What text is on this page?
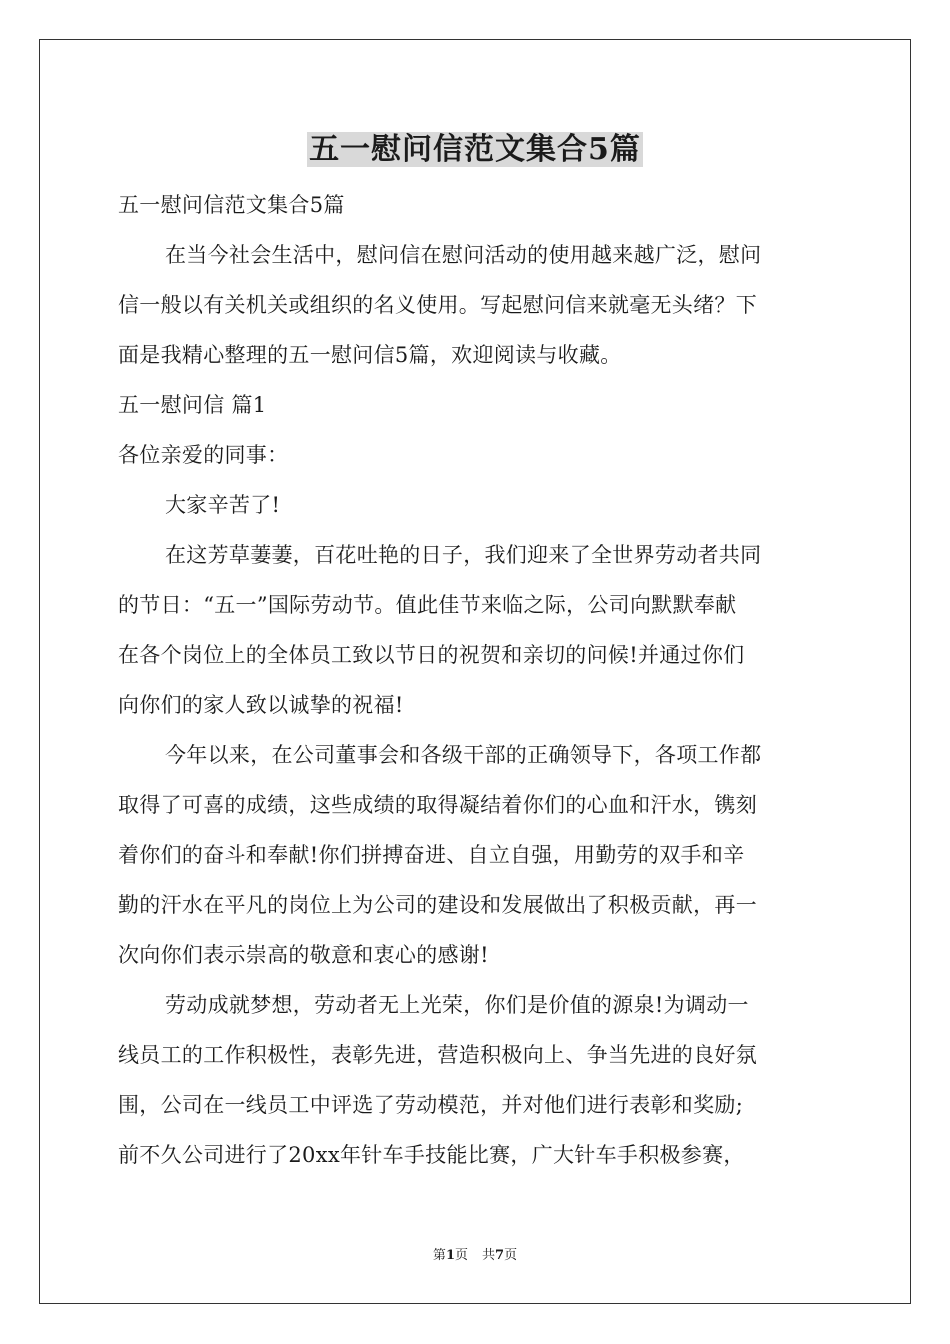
五一慰问信范文集合5篇
五一慰问信范文集合5篇
在当今社会生活中，慰问信在慰问活动的使用越来越广泛，慰问
信一般以有关机关或组织的名义使用。写起慰问信来就毫无头绪？下
面是我精心整理的五一慰问信5篇，欢迎阅读与收藏。
五一慰问信 篇1
各位亲爱的同事：
大家辛苦了!
在这芳草萋萋，百花吐艳的日子，我们迎来了全世界劳动者共同
的节日：“五一”国际劳动节。值此佳节来临之际，公司向默默奉献
在各个岗位上的全体员工致以节日的祝贺和亲切的问候!并通过你们
向你们的家人致以诚挚的祝福!
今年以来，在公司董事会和各级干部的正确领导下，各项工作都
取得了可喜的成绩，这些成绩的取得凝结着你们的心血和汗水，镌刻
着你们的奋斗和奉献!你们拼搏奋进、自立自强，用勤劳的双手和辛
勤的汗水在平凡的岗位上为公司的建设和发展做出了积极贡献，再一
次向你们表示崇高的敬意和衷心的感谢!
劳动成就梦想，劳动者无上光荣，你们是价值的源泉!为调动一
线员工的工作积极性，表彰先进，营造积极向上、争当先进的良好氛
围，公司在一线员工中评选了劳动模范，并对他们进行表彰和奖励;
前不久公司进行了20xx年针车手技能比赛，广大针车手积极参赛，
第1页 共7页
